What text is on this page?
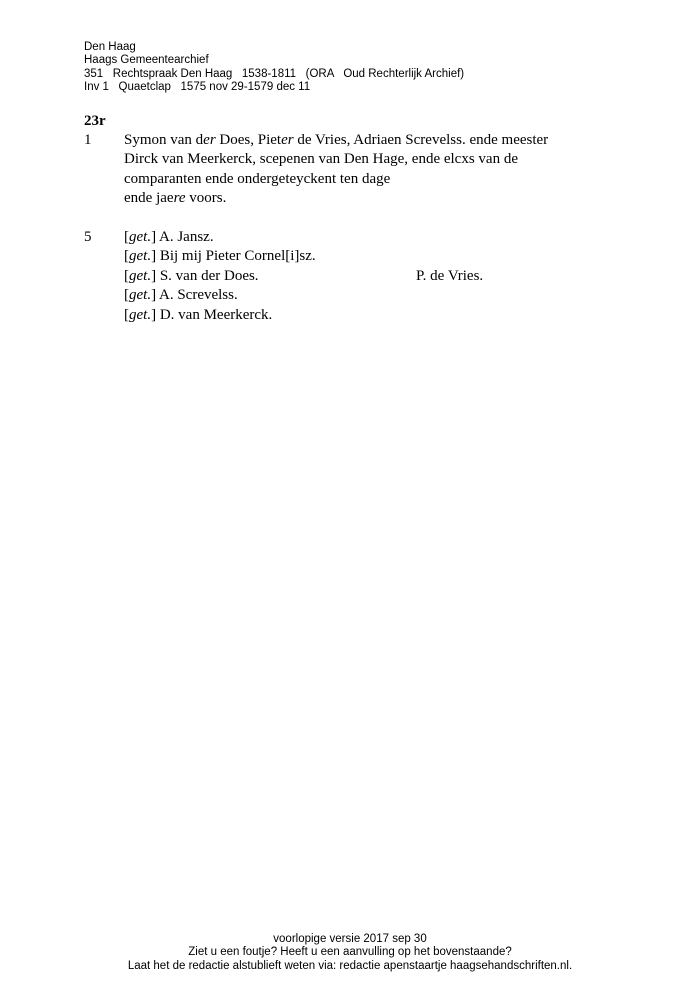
Den Haag
Haags Gemeentearchief
351   Rechtspraak Den Haag   1538-1811   (ORA   Oud Rechterlijk Archief)
Inv 1   Quaetclap   1575 nov 29-1579 dec 11
23r
1 Symon van der Does, Pieter de Vries, Adriaen Screvelss. ende meester
Dirck van Meerkerck, scepenen van Den Hage, ende elcxs van de
comparanten ende ondergeteyckent ten dage
ende jaere voors.
5 [get.] A. Jansz.
[get.] Bij mij Pieter Cornel[i]sz.
[get.] S. van der Does.	P. de Vries.
[get.] A. Screvelss.
[get.] D. van Meerkerck.
voorlopige versie 2017 sep 30
Ziet u een foutje? Heeft u een aanvulling op het bovenstaande?
Laat het de redactie alstublieft weten via: redactie apenstaartje haagsehandschriften.nl.
